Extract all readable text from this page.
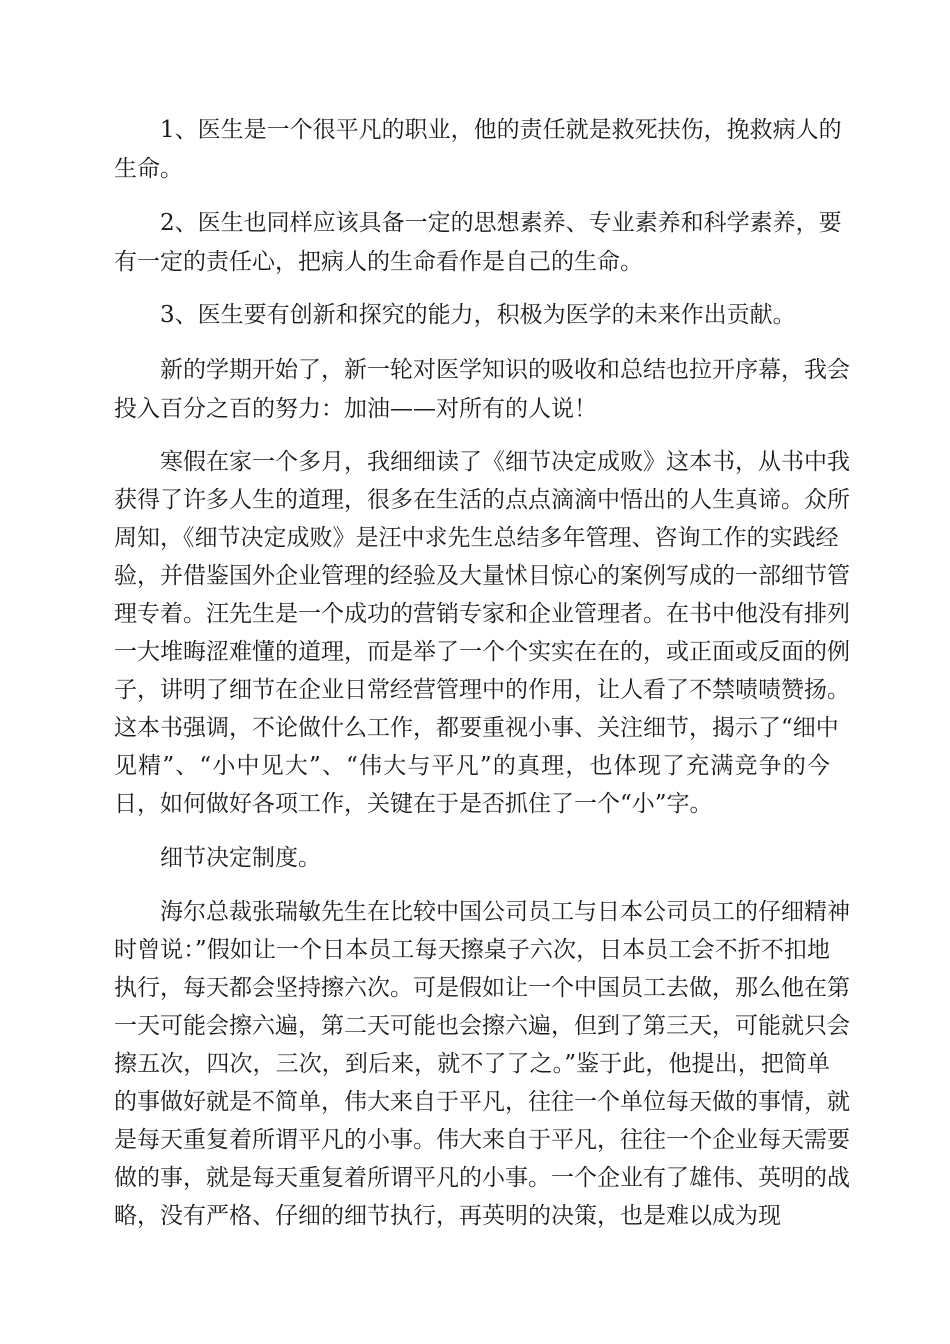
1、医生是一个很平凡的职业，他的责任就是救死扶伤，挽救病人的
生命。
2、医生也同样应该具备一定的思想素养、专业素养和科学素养，要
有一定的责任心，把病人的生命看作是自己的生命。
3、医生要有创新和探究的能力，积极为医学的未来作出贡献。
新的学期开始了，新一轮对医学知识的吸收和总结也拉开序幕，我会
投入百分之百的努力：加油——对所有的人说！
寒假在家一个多月，我细细读了《细节决定成败》这本书，从书中我
获得了许多人生的道理，很多在生活的点点滴滴中悟出的人生真谛。众所
周知，《细节决定成败》是汪中求先生总结多年管理、咨询工作的实践经
验，并借鉴国外企业管理的经验及大量怵目惊心的案例写成的一部细节管
理专着。汪先生是一个成功的营销专家和企业管理者。在书中他没有排列
一大堆晦涩难懂的道理，而是举了一个个实实在在的，或正面或反面的例
子，讲明了细节在企业日常经营管理中的作用，让人看了不禁啧啧赞扬。
这本书强调，不论做什么工作，都要重视小事、关注细节，揭示了“细中
见精”、“小中见大”、“伟大与平凡”的真理，也体现了充满竞争的今
日，如何做好各项工作，关键在于是否抓住了一个“小”字。
细节决定制度。
海尔总裁张瑞敏先生在比较中国公司员工与日本公司员工的仔细精神
时曾说：”假如让一个日本员工每天擦桌子六次，日本员工会不折不扣地
执行，每天都会坚持擦六次。可是假如让一个中国员工去做，那么他在第
一天可能会擦六遍，第二天可能也会擦六遍，但到了第三天，可能就只会
擦五次，四次，三次，到后来，就不了了之。”鉴于此，他提出，把简单
的事做好就是不简单，伟大来自于平凡，往往一个单位每天做的事情，就
是每天重复着所谓平凡的小事。伟大来自于平凡，往往一个企业每天需要
做的事，就是每天重复着所谓平凡的小事。一个企业有了雄伟、英明的战
略，没有严格、仔细的细节执行，再英明的决策，也是难以成为现
